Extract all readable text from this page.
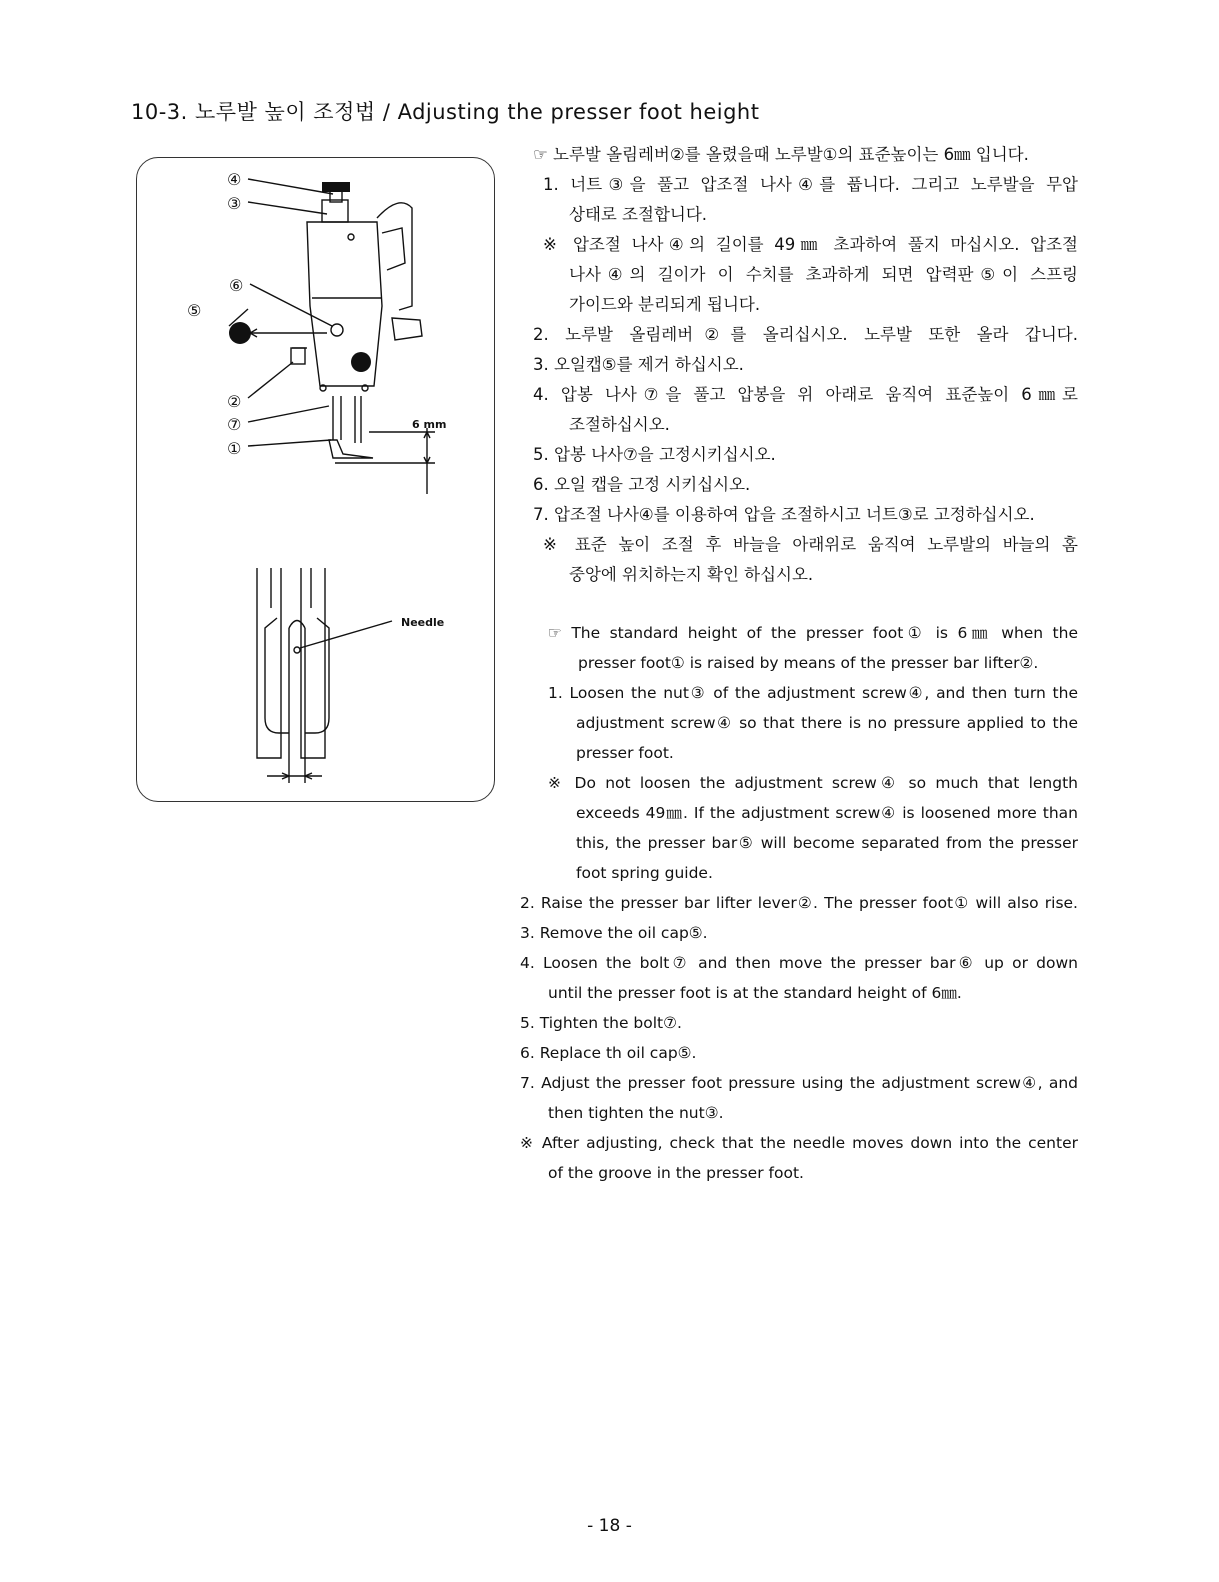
10-3. 노루발 높이 조정법 / Adjusting the presser foot height
④
③
⑥
⑤
②
⑦
①
6 mm
Needle
☞ 노루발 올림레버②를 올렸을때 노루발①의 표준높이는 6㎜ 입니다.
1. 너트③을 풀고 압조절 나사④를 풉니다. 그리고 노루발을 무압
상태로 조절합니다.
※ 압조절 나사④의 길이를 49㎜ 초과하여 풀지 마십시오. 압조절
나사④의 길이가 이 수치를 초과하게 되면 압력판⑤이 스프링
가이드와 분리되게 됩니다.
2. 노루발 올림레버②를 올리십시오. 노루발 또한 올라 갑니다.
3. 오일캡⑤를 제거 하십시오.
4. 압봉 나사⑦을 풀고 압봉을 위 아래로 움직여 표준높이 6㎜로
조절하십시오.
5. 압봉 나사⑦을 고정시키십시오.
6. 오일 캡을 고정 시키십시오.
7. 압조절 나사④를 이용하여 압을 조절하시고 너트③로 고정하십시오.
※ 표준 높이 조절 후 바늘을 아래위로 움직여 노루발의 바늘의 홈
중앙에 위치하는지 확인 하십시오.
☞ The standard height of the presser foot① is 6㎜ when the
presser foot① is raised by means of the presser bar lifter②.
1. Loosen the nut③ of the adjustment screw④, and then turn the
adjustment screw④ so that there is no pressure applied to the
presser foot.
※ Do not loosen the adjustment screw④ so much that length
exceeds 49㎜. If the adjustment screw④ is loosened more than
this, the presser bar⑤ will become separated from the presser
foot spring guide.
2. Raise the presser bar lifter lever②. The presser foot① will also rise.
3. Remove the oil cap⑤.
4. Loosen the bolt⑦ and then move the presser bar⑥ up or down
until the presser foot is at the standard height of 6㎜.
5. Tighten the bolt⑦.
6. Replace th oil cap⑤.
7. Adjust the presser foot pressure using the adjustment screw④, and
then tighten the nut③.
※ After adjusting, check that the needle moves down into the center
of the groove in the presser foot.
- 18 -
